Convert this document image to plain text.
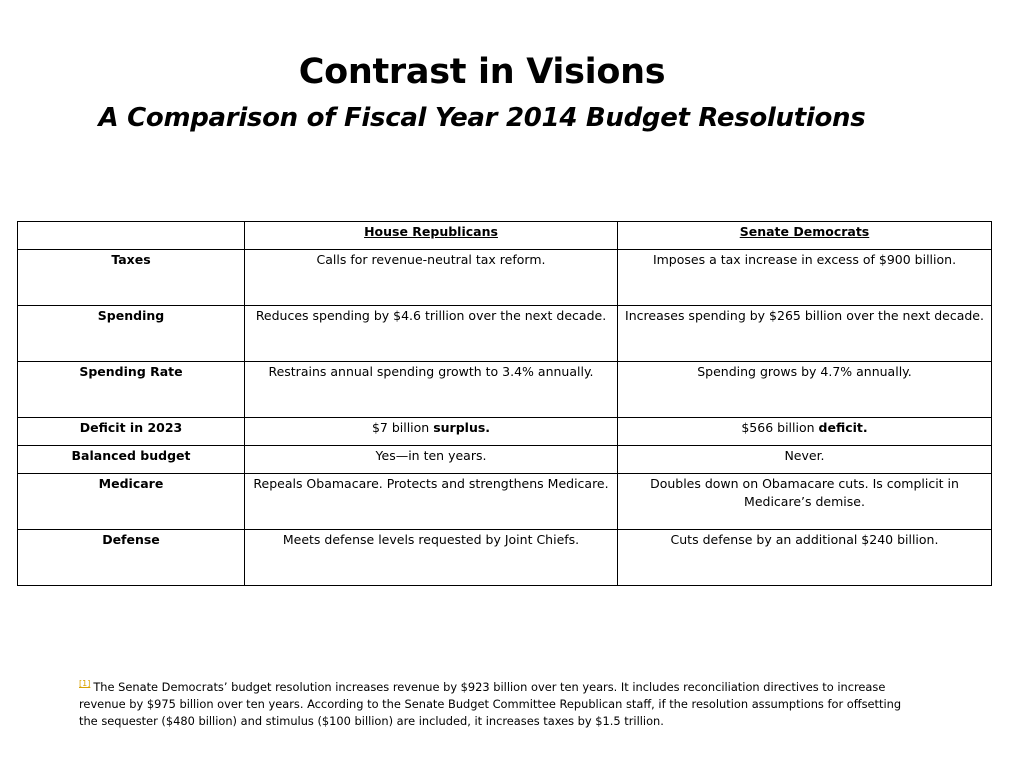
Contrast in Visions
A Comparison of Fiscal Year 2014 Budget Resolutions
	House Republicans	Senate Democrats
Taxes	Calls for revenue-neutral tax reform.	Imposes a tax increase in excess of $900 billion.
Spending	Reduces spending by $4.6 trillion over the next decade.	Increases spending by $265 billion over the next decade.
Spending Rate	Restrains annual spending growth to 3.4% annually.	Spending grows by 4.7% annually.
Deficit in 2023	$7 billion surplus.	$566 billion deficit.
Balanced budget	Yes—in ten years.	Never.
Medicare	Repeals Obamacare. Protects and strengthens Medicare.	Doubles down on Obamacare cuts. Is complicit in Medicare’s demise.
Defense	Meets defense levels requested by Joint Chiefs.	Cuts defense by an additional $240 billion.
[1] The Senate Democrats’ budget resolution increases revenue by $923 billion over ten years. It includes reconciliation directives to increase revenue by $975 billion over ten years. According to the Senate Budget Committee Republican staff, if the resolution assumptions for offsetting the sequester ($480 billion) and stimulus ($100 billion) are included, it increases taxes by $1.5 trillion.
